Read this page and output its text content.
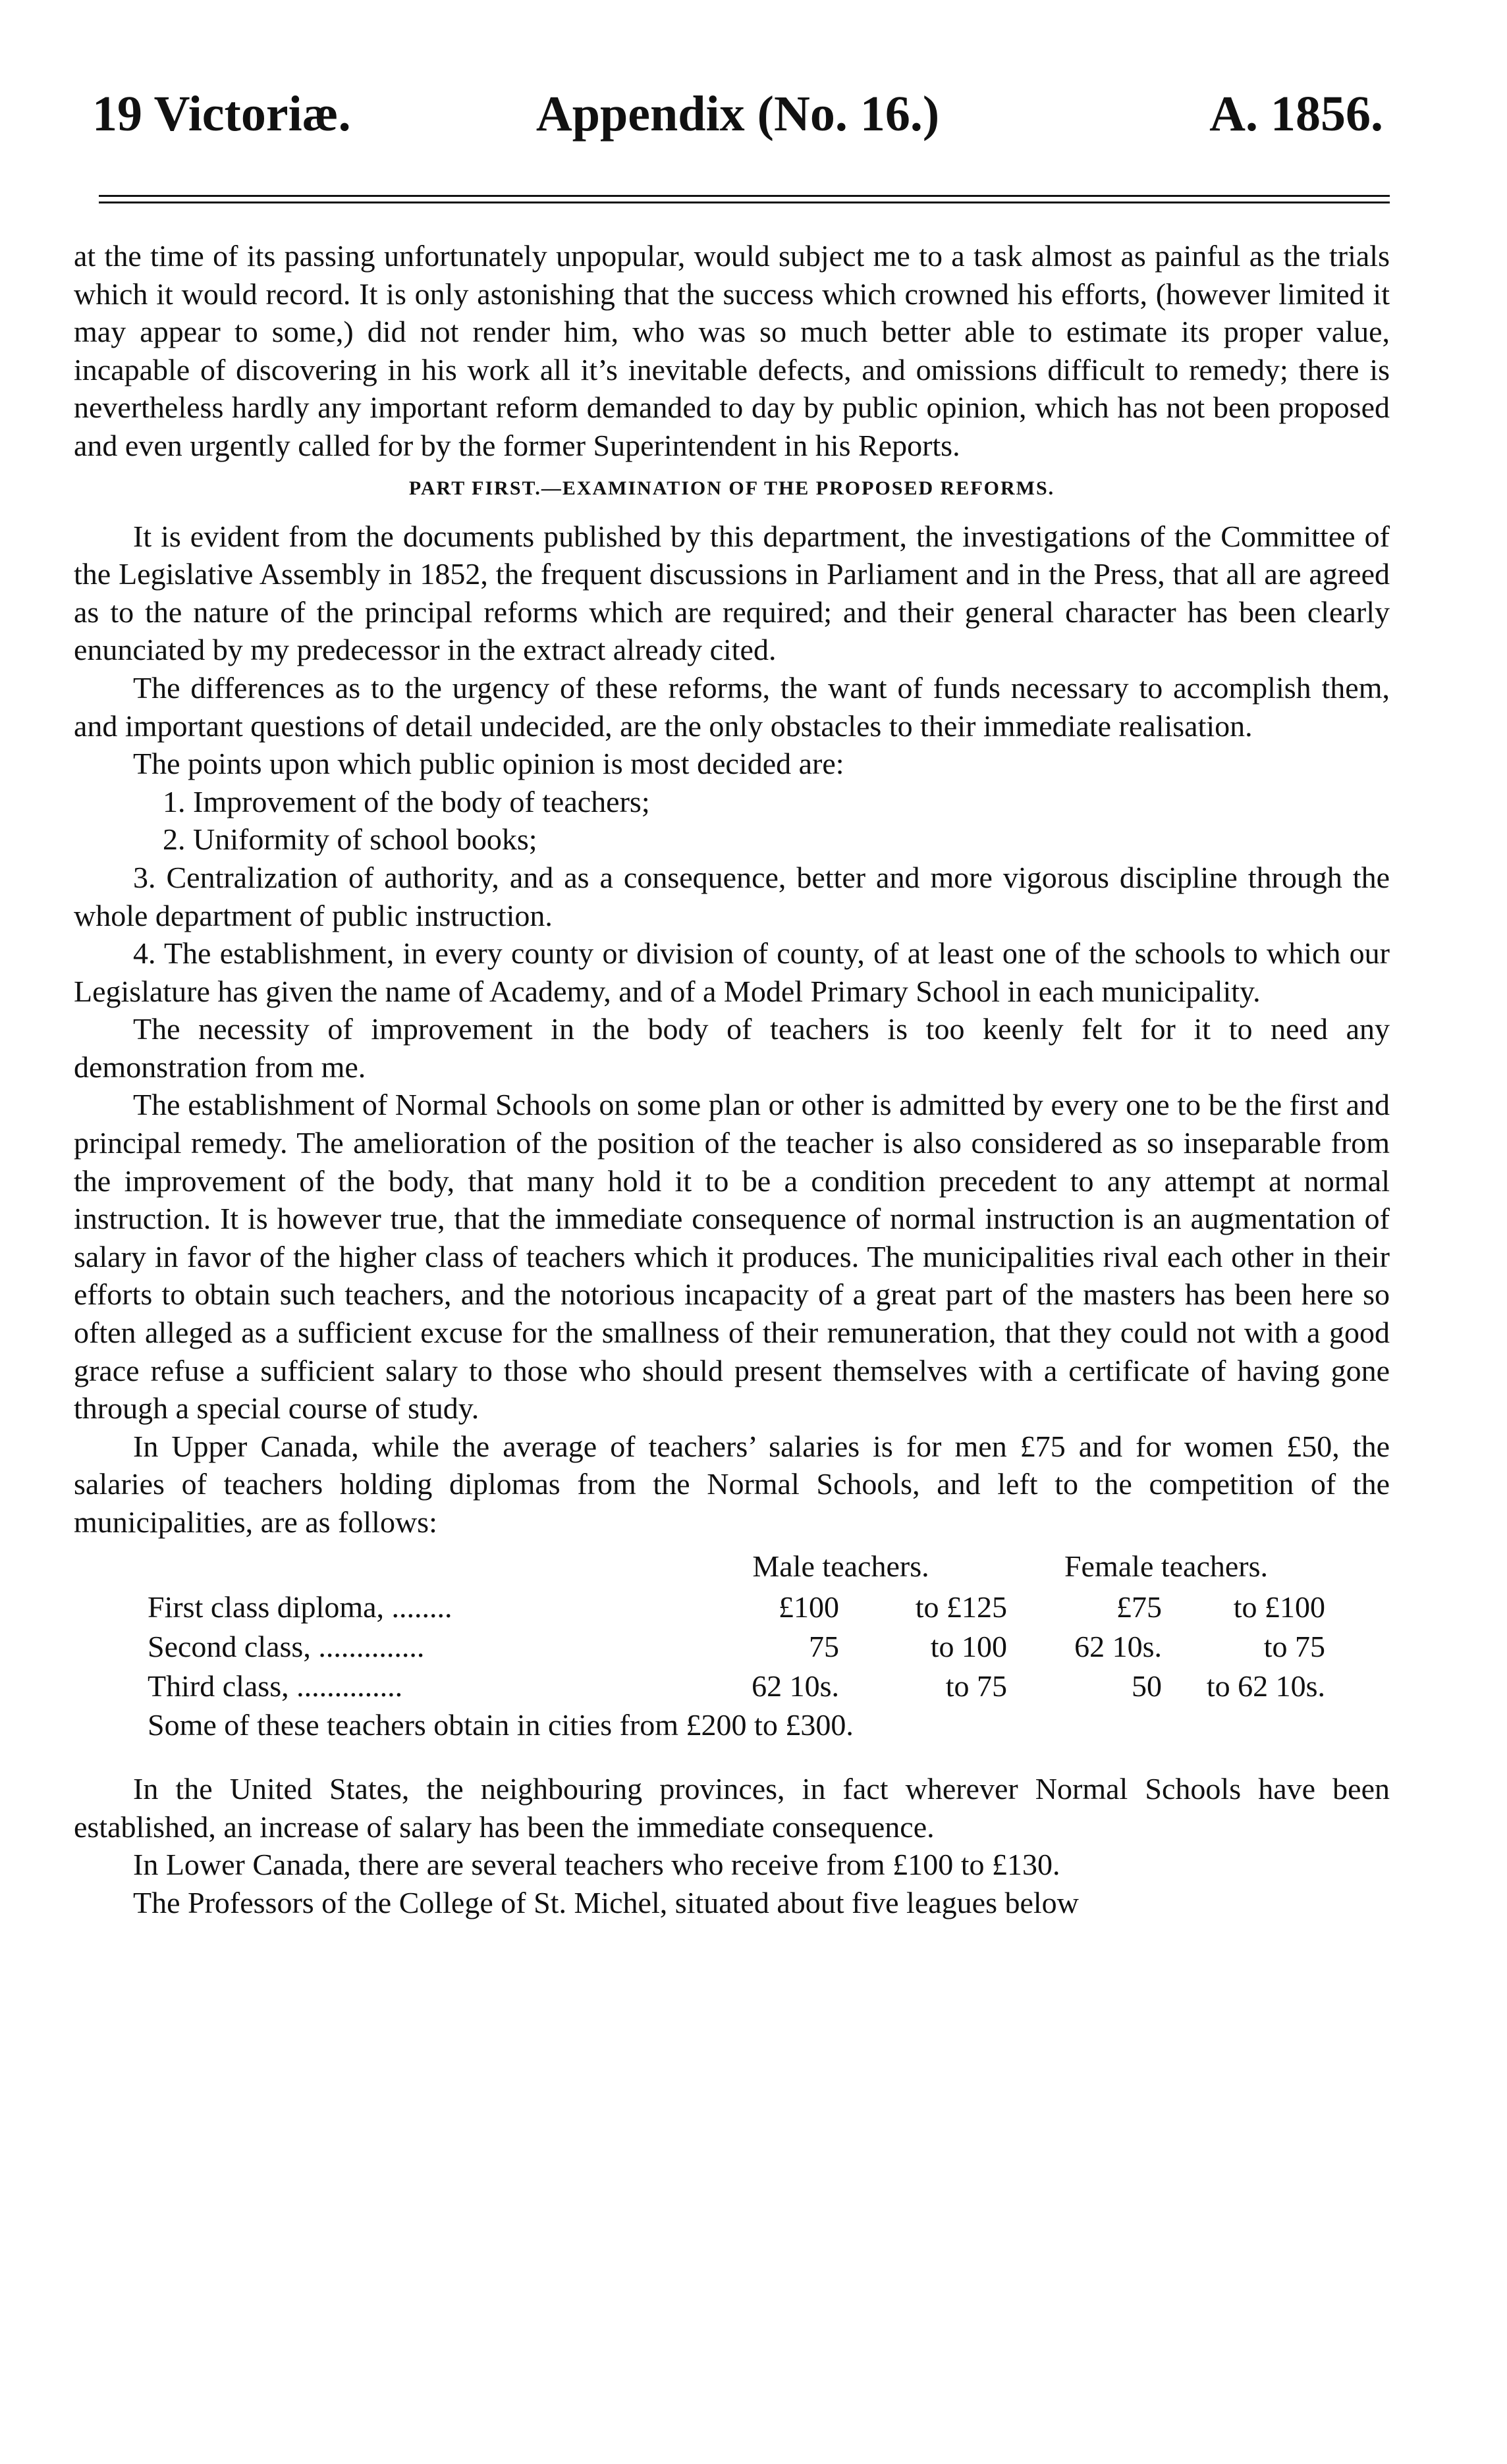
19 Victoriæ.	Appendix (No. 16.)	A. 1856.

at the time of its passing unfortunately unpopular, would subject me to a task almost as painful as the trials which it would record. It is only astonishing that the success which crowned his efforts, (however limited it may appear to some,) did not render him, who was so much better able to estimate its proper value, incapable of discovering in his work all it’s inevitable defects, and omissions difficult to remedy; there is nevertheless hardly any important reform demanded to day by public opinion, which has not been proposed and even urgently called for by the former Superintendent in his Reports.

PART FIRST.—EXAMINATION OF THE PROPOSED REFORMS.

It is evident from the documents published by this department, the investigations of the Committee of the Legislative Assembly in 1852, the frequent discussions in Parliament and in the Press, that all are agreed as to the nature of the principal reforms which are required; and their general character has been clearly enunciated by my predecessor in the extract already cited.

The differences as to the urgency of these reforms, the want of funds necessary to accomplish them, and important questions of detail undecided, are the only obstacles to their immediate realisation.

The points upon which public opinion is most decided are:

1. Improvement of the body of teachers;

2. Uniformity of school books;

3. Centralization of authority, and as a consequence, better and more vigorous discipline through the whole department of public instruction.

4. The establishment, in every county or division of county, of at least one of the schools to which our Legislature has given the name of Academy, and of a Model Primary School in each municipality.

The necessity of improvement in the body of teachers is too keenly felt for it to need any demonstration from me.

The establishment of Normal Schools on some plan or other is admitted by every one to be the first and principal remedy. The amelioration of the position of the teacher is also considered as so inseparable from the improvement of the body, that many hold it to be a condition precedent to any attempt at normal instruction. It is however true, that the immediate consequence of normal instruction is an augmentation of salary in favor of the higher class of teachers which it produces. The municipalities rival each other in their efforts to obtain such teachers, and the notorious incapacity of a great part of the masters has been here so often alleged as a sufficient excuse for the smallness of their remuneration, that they could not with a good grace refuse a sufficient salary to those who should present themselves with a certificate of having gone through a special course of study.

In Upper Canada, while the average of teachers’ salaries is for men £75 and for women £50, the salaries of teachers holding diplomas from the Normal Schools, and left to the competition of the municipalities, are as follows:

	Male teachers.		Female teachers.	
First class diploma, ........	£100	to £125	£75	to £100
Second class, ..............	75	to 100	62 10s.	to 75
Third class, ..............	62 10s.	to 75	50	to 62 10s.

Some of these teachers obtain in cities from £200 to £300.

In the United States, the neighbouring provinces, in fact wherever Normal Schools have been established, an increase of salary has been the immediate consequence.

In Lower Canada, there are several teachers who receive from £100 to £130.

The Professors of the College of St. Michel, situated about five leagues below
